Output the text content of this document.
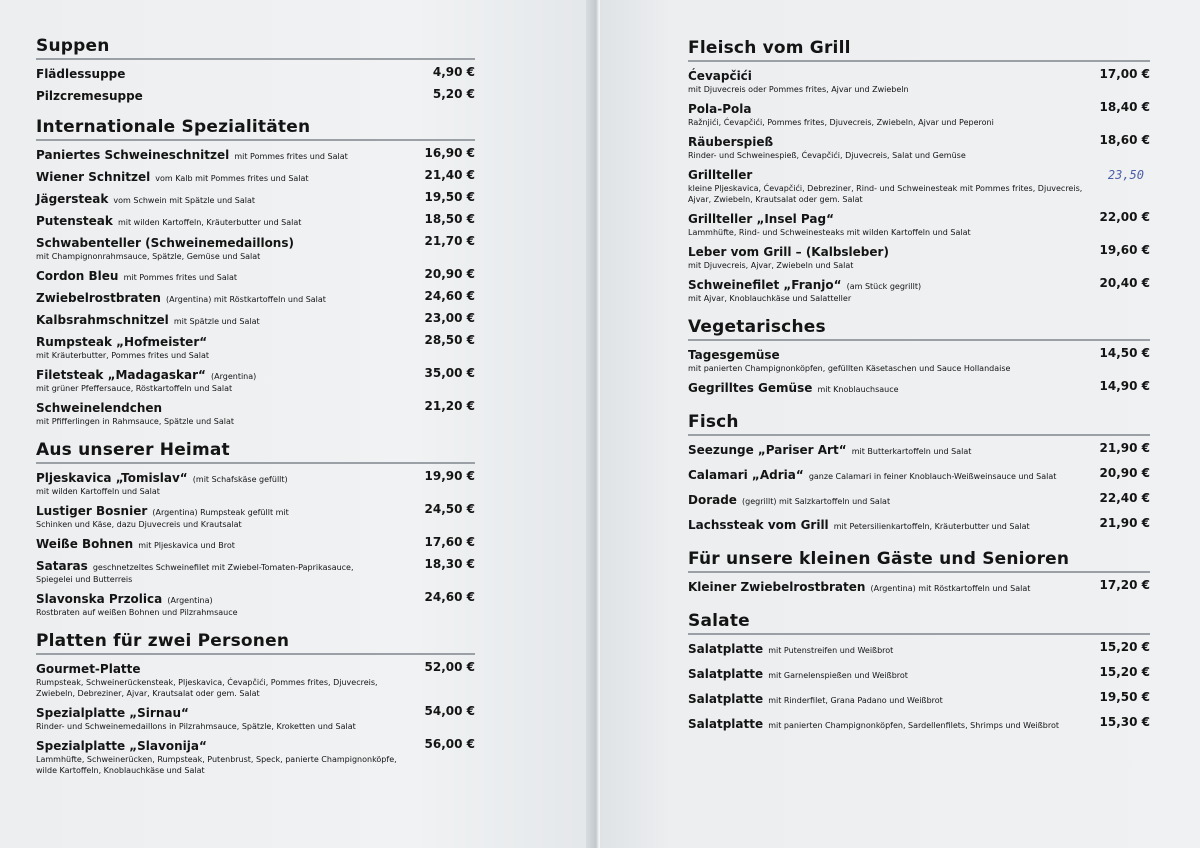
Suppen
Flädlessuppe	4,90 €
Pilzcremesuppe	5,20 €
Internationale Spezialitäten
Paniertes Schweineschnitzel mit Pommes frites und Salat	16,90 €
Wiener Schnitzel vom Kalb mit Pommes frites und Salat	21,40 €
Jägersteak vom Schwein mit Spätzle und Salat	19,50 €
Putensteak mit wilden Kartoffeln, Kräuterbutter und Salat	18,50 €
Schwabenteller (Schweinemedaillons)
mit Champignonrahmsauce, Spätzle, Gemüse und Salat
21,70 €
Cordon Bleu mit Pommes frites und Salat	20,90 €
Zwiebelrostbraten (Argentina) mit Röstkartoffeln und Salat	24,60 €
Kalbsrahmschnitzel mit Spätzle und Salat	23,00 €
Rumpsteak „Hofmeister“
mit Kräuterbutter, Pommes frites und Salat
28,50 €
Filetsteak „Madagaskar“ (Argentina)
mit grüner Pfeffersauce, Röstkartoffeln und Salat
35,00 €
Schweinelendchen
mit Pfifferlingen in Rahmsauce, Spätzle und Salat
21,20 €
Aus unserer Heimat
Pljeskavica „Tomislav“ (mit Schafskäse gefüllt)
mit wilden Kartoffeln und Salat
19,90 €
Lustiger Bosnier (Argentina) Rumpsteak gefüllt mit
Schinken und Käse, dazu Djuvecreis und Krautsalat
24,50 €
Weiße Bohnen mit Pljeskavica und Brot	17,60 €
Sataras geschnetzeltes Schweinefilet mit Zwiebel-Tomaten-Paprikasauce,
Spiegelei und Butterreis
18,30 €
Slavonska Przolica (Argentina)
Rostbraten auf weißen Bohnen und Pilzrahmsauce
24,60 €
Platten für zwei Personen
Gourmet-Platte
Rumpsteak, Schweinerückensteak, Pljeskavica, Ćevapčići, Pommes frites, Djuvecreis, Zwiebeln, Debreziner, Ajvar, Krautsalat oder gem. Salat
52,00 €
Spezialplatte „Sirnau“
Rinder- und Schweinemedaillons in Pilzrahmsauce, Spätzle, Kroketten und Salat
54,00 €
Spezialplatte „Slavonija“
Lammhüfte, Schweinerücken, Rumpsteak, Putenbrust, Speck, panierte Champignonköpfe, wilde Kartoffeln, Knoblauchkäse und Salat
56,00 €
Fleisch vom Grill
Ćevapčići
mit Djuvecreis oder Pommes frites, Ajvar und Zwiebeln
17,00 €
Pola-Pola
Ražnjići, Ćevapčići, Pommes frites, Djuvecreis, Zwiebeln, Ajvar und Peperoni
18,40 €
Räuberspieß
Rinder- und Schweinespieß, Ćevapčići, Djuvecreis, Salat und Gemüse
18,60 €
Grillteller
kleine Pljeskavica, Ćevapčići, Debreziner, Rind- und Schweinesteak mit Pommes frites, Djuvecreis, Ajvar, Zwiebeln, Krautsalat oder gem. Salat
23,50
Grillteller „Insel Pag“
Lammhüfte, Rind- und Schweinesteaks mit wilden Kartoffeln und Salat
22,00 €
Leber vom Grill – (Kalbsleber)
mit Djuvecreis, Ajvar, Zwiebeln und Salat
19,60 €
Schweinefilet „Franjo“ (am Stück gegrillt)
mit Ajvar, Knoblauchkäse und Salatteller
20,40 €
Vegetarisches
Tagesgemüse
mit panierten Champignonköpfen, gefüllten Käsetaschen und Sauce Hollandaise
14,50 €
Gegrilltes Gemüse mit Knoblauchsauce	14,90 €
Fisch
Seezunge „Pariser Art“ mit Butterkartoffeln und Salat	21,90 €
Calamari „Adria“ ganze Calamari in feiner Knoblauch-Weißweinsauce und Salat	20,90 €
Dorade (gegrillt) mit Salzkartoffeln und Salat	22,40 €
Lachssteak vom Grill mit Petersilienkartoffeln, Kräuterbutter und Salat	21,90 €
Für unsere kleinen Gäste und Senioren
Kleiner Zwiebelrostbraten (Argentina) mit Röstkartoffeln und Salat	17,20 €
Salate
Salatplatte mit Putenstreifen und Weißbrot	15,20 €
Salatplatte mit Garnelenspießen und Weißbrot	15,20 €
Salatplatte mit Rinderfilet, Grana Padano und Weißbrot	19,50 €
Salatplatte mit panierten Champignonköpfen, Sardellenfilets, Shrimps und Weißbrot	15,30 €
